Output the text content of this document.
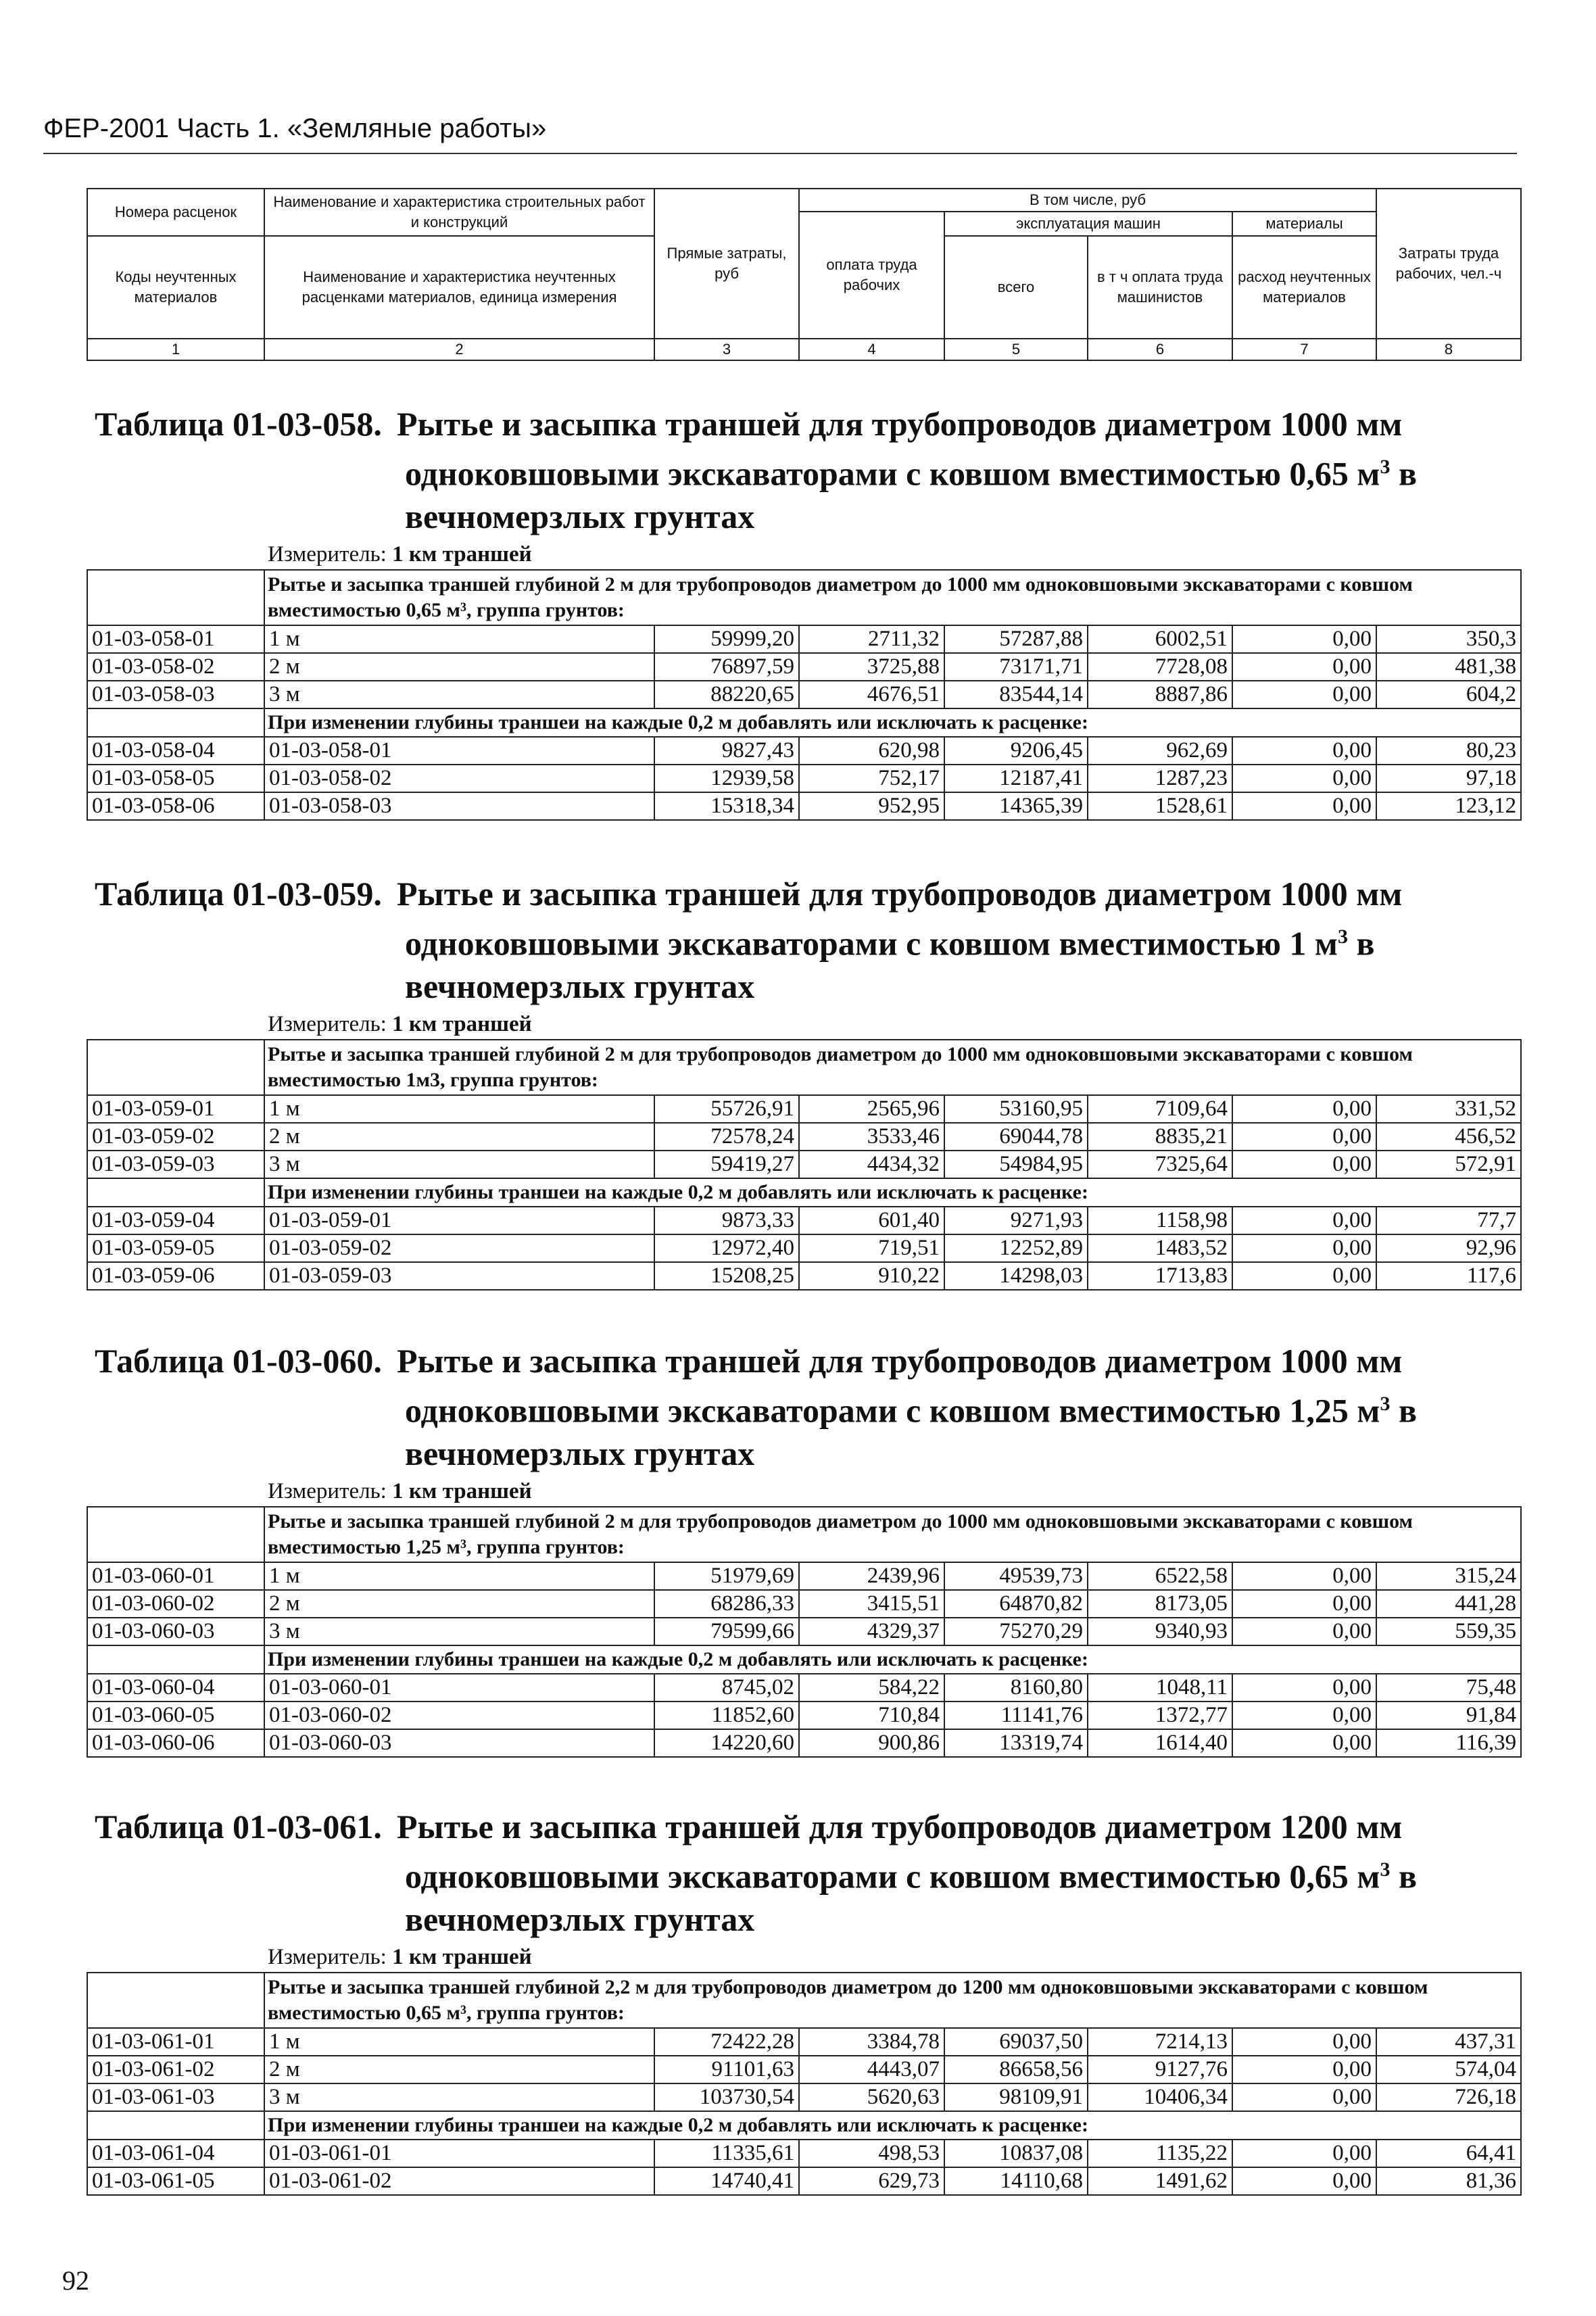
ФЕР-2001 Часть 1. «Земляные работы»
Номера расценок	Наименование и характеристика строительных работ и конструкций	Прямые затраты, руб	В том числе, руб				Затраты труда рабочих, чел.-ч
			оплата труда рабочих	эксплуатация машин		материалы	
Коды неучтенных материалов	Наименование и характеристика неучтенных расценками материалов, единица измерения			всего	в т ч оплата труда машинистов	расход неучтенных материалов	
1	2	3	4	5	6	7	8
Таблица 01-03-058. Рытье и засыпка траншей для трубопроводов диаметром 1000 мм
одноковшовыми экскаваторами с ковшом вместимостью 0,65 $м^3$ в
вечномерзлых грунтах
Измеритель: 1 км траншей
	Рытье и засыпка траншей глубиной 2 м для трубопроводов диаметром до 1000 мм одноковшовыми экскаваторами с ковшом вместимостью 0,65 м³, группа грунтов:						
01-03-058-01	1 м	59999,20	2711,32	57287,88	6002,51	0,00	350,3
01-03-058-02	2 м	76897,59	3725,88	73171,71	7728,08	0,00	481,38
01-03-058-03	3 м	88220,65	4676,51	83544,14	8887,86	0,00	604,2
	При изменении глубины траншеи на каждые 0,2 м добавлять или исключать к расценке:						
01-03-058-04	01-03-058-01	9827,43	620,98	9206,45	962,69	0,00	80,23
01-03-058-05	01-03-058-02	12939,58	752,17	12187,41	1287,23	0,00	97,18
01-03-058-06	01-03-058-03	15318,34	952,95	14365,39	1528,61	0,00	123,12
Таблица 01-03-059. Рытье и засыпка траншей для трубопроводов диаметром 1000 мм
одноковшовыми экскаваторами с ковшом вместимостью 1 $м^3$ в
вечномерзлых грунтах
Измеритель: 1 км траншей
	Рытье и засыпка траншей глубиной 2 м для трубопроводов диаметром до 1000 мм одноковшовыми экскаваторами с ковшом вместимостью 1м3, группа грунтов:						
01-03-059-01	1 м	55726,91	2565,96	53160,95	7109,64	0,00	331,52
01-03-059-02	2 м	72578,24	3533,46	69044,78	8835,21	0,00	456,52
01-03-059-03	3 м	59419,27	4434,32	54984,95	7325,64	0,00	572,91
	При изменении глубины траншеи на каждые 0,2 м добавлять или исключать к расценке:						
01-03-059-04	01-03-059-01	9873,33	601,40	9271,93	1158,98	0,00	77,7
01-03-059-05	01-03-059-02	12972,40	719,51	12252,89	1483,52	0,00	92,96
01-03-059-06	01-03-059-03	15208,25	910,22	14298,03	1713,83	0,00	117,6
Таблица 01-03-060. Рытье и засыпка траншей для трубопроводов диаметром 1000 мм
одноковшовыми экскаваторами с ковшом вместимостью 1,25 $м^3$ в
вечномерзлых грунтах
Измеритель: 1 км траншей
	Рытье и засыпка траншей глубиной 2 м для трубопроводов диаметром до 1000 мм одноковшовыми экскаваторами с ковшом вместимостью 1,25 м³, группа грунтов:						
01-03-060-01	1 м	51979,69	2439,96	49539,73	6522,58	0,00	315,24
01-03-060-02	2 м	68286,33	3415,51	64870,82	8173,05	0,00	441,28
01-03-060-03	3 м	79599,66	4329,37	75270,29	9340,93	0,00	559,35
	При изменении глубины траншеи на каждые 0,2 м добавлять или исключать к расценке:						
01-03-060-04	01-03-060-01	8745,02	584,22	8160,80	1048,11	0,00	75,48
01-03-060-05	01-03-060-02	11852,60	710,84	11141,76	1372,77	0,00	91,84
01-03-060-06	01-03-060-03	14220,60	900,86	13319,74	1614,40	0,00	116,39
Таблица 01-03-061. Рытье и засыпка траншей для трубопроводов диаметром 1200 мм
одноковшовыми экскаваторами с ковшом вместимостью 0,65 $м^3$ в
вечномерзлых грунтах
Измеритель: 1 км траншей
	Рытье и засыпка траншей глубиной 2,2 м для трубопроводов диаметром до 1200 мм одноковшовыми экскаваторами с ковшом вместимостью 0,65 м³, группа грунтов:						
01-03-061-01	1 м	72422,28	3384,78	69037,50	7214,13	0,00	437,31
01-03-061-02	2 м	91101,63	4443,07	86658,56	9127,76	0,00	574,04
01-03-061-03	3 м	103730,54	5620,63	98109,91	10406,34	0,00	726,18
	При изменении глубины траншеи на каждые 0,2 м добавлять или исключать к расценке:						
01-03-061-04	01-03-061-01	11335,61	498,53	10837,08	1135,22	0,00	64,41
01-03-061-05	01-03-061-02	14740,41	629,73	14110,68	1491,62	0,00	81,36
92
